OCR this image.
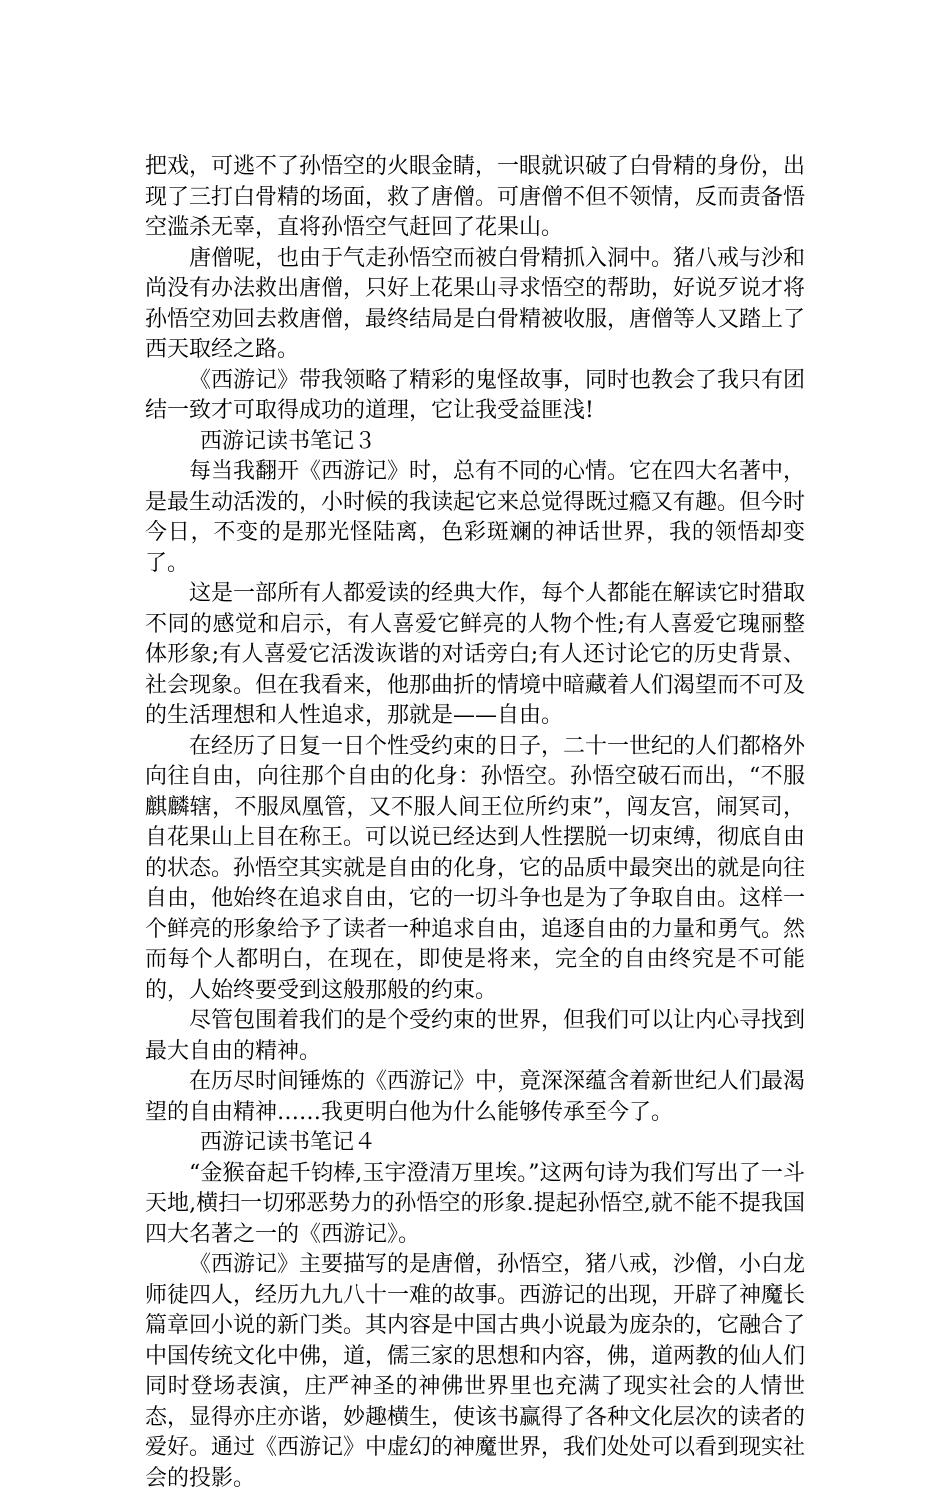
把戏，可逃不了孙悟空的火眼金睛，一眼就识破了白骨精的身份，出现了三打白骨精的场面，救了唐僧。可唐僧不但不领情，反而责备悟空滥杀无辜，直将孙悟空气赶回了花果山。

唐僧呢，也由于气走孙悟空而被白骨精抓入洞中。猪八戒与沙和尚没有办法救出唐僧，只好上花果山寻求悟空的帮助，好说歹说才将孙悟空劝回去救唐僧，最终结局是白骨精被收服，唐僧等人又踏上了西天取经之路。

《西游记》带我领略了精彩的鬼怪故事，同时也教会了我只有团结一致才可取得成功的道理，它让我受益匪浅!

西游记读书笔记３

每当我翻开《西游记》时，总有不同的心情。它在四大名著中，是最生动活泼的，小时候的我读起它来总觉得既过瘾又有趣。但今时今日，不变的是那光怪陆离，色彩斑斓的神话世界，我的领悟却变了。

这是一部所有人都爱读的经典大作，每个人都能在解读它时猎取不同的感觉和启示，有人喜爱它鲜亮的人物个性;有人喜爱它瑰丽整体形象;有人喜爱它活泼诙谐的对话旁白;有人还讨论它的历史背景、社会现象。但在我看来，他那曲折的情境中暗藏着人们渴望而不可及的生活理想和人性追求，那就是——自由。

在经历了日复一日个性受约束的日子，二十一世纪的人们都格外向往自由，向往那个自由的化身：孙悟空。孙悟空破石而出，“不服麒麟辖，不服凤凰管，又不服人间王位所约束”，闯友宫，闹冥司，自花果山上目在称王。可以说已经达到人性摆脱一切束缚，彻底自由的状态。孙悟空其实就是自由的化身，它的品质中最突出的就是向往自由，他始终在追求自由，它的一切斗争也是为了争取自由。这样一个鲜亮的形象给予了读者一种追求自由，追逐自由的力量和勇气。然而每个人都明白，在现在，即使是将来，完全的自由终究是不可能的，人始终要受到这般那般的约束。

尽管包围着我们的是个受约束的世界，但我们可以让内心寻找到最大自由的精神。

在历尽时间锤炼的《西游记》中，竟深深蕴含着新世纪人们最渴望的自由精神……我更明白他为什么能够传承至今了。

西游记读书笔记４

“金猴奋起千钧棒,玉宇澄清万里埃。”这两句诗为我们写出了一斗天地,横扫一切邪恶势力的孙悟空的形象.提起孙悟空,就不能不提我国四大名著之一的《西游记》。

《西游记》主要描写的是唐僧，孙悟空，猪八戒，沙僧，小白龙师徒四人，经历九九八十一难的故事。西游记的出现，开辟了神魔长篇章回小说的新门类。其内容是中国古典小说最为庞杂的，它融合了中国传统文化中佛，道，儒三家的思想和内容，佛，道两教的仙人们同时登场表演，庄严神圣的神佛世界里也充满了现实社会的人情世态，显得亦庄亦谐，妙趣横生，使该书赢得了各种文化层次的读者的爱好。通过《西游记》中虚幻的神魔世界，我们处处可以看到现实社会的投影。
